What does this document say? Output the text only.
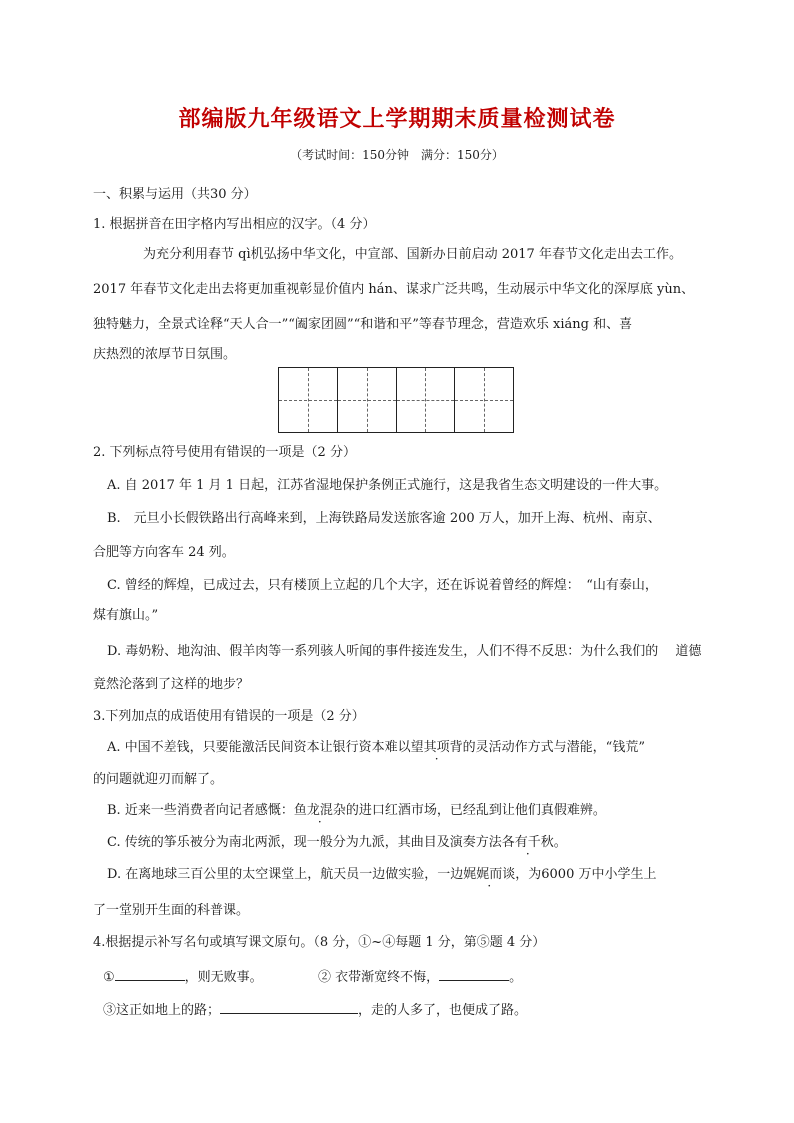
部编版九年级语文上学期期末质量检测试卷
（考试时间：150分钟　满分：150分）
一、积累与运用（共30 分）
1. 根据拼音在田字格内写出相应的汉字。（4 分）
为充分利用春节 qì机弘扬中华文化，中宣部、国新办日前启动 2017 年春节文化走出去工作。
2017 年春节文化走出去将更加重视彰显价值内 hán、谋求广泛共鸣，生动展示中华文化的深厚底 yùn、
独特魅力，全景式诠释“天人合一”“阖家团圆”“和谐和平”等春节理念，营造欢乐 xiáng 和、喜
庆热烈的浓厚节日氛围。
2. 下列标点符号使用有错误的一项是（2 分）
A. 自 2017 年 1 月 1 日起，江苏省湿地保护条例正式施行，这是我省生态文明建设的一件大事。
B.　元旦小长假铁路出行高峰来到，上海铁路局发送旅客逾 200 万人，加开上海、杭州、南京、
合肥等方向客车 24 列。
C. 曾经的辉煌，已成过去，只有楼顶上立起的几个大字，还在诉说着曾经的辉煌：　“山有泰山，
煤有旗山。”
D. 毒奶粉、地沟油、假羊肉等一系列骇人听闻的事件接连发生，人们不得不反思：为什么我们的　 道德
竟然沦落到了这样的地步？
3.下列加点的成语使用有错误的一项是（2 分）
A. 中国不差钱，只要能激活民间资本让银行资本难以望其项背的灵活动作方式与潜能，“钱荒”
的问题就迎刃而解了。
B. 近来一些消费者向记者感慨：鱼龙混杂的进口红酒市场，已经乱到让他们真假难辨。
C. 传统的筝乐被分为南北两派，现一般分为九派，其曲目及演奏方法各有千秋。
D. 在离地球三百公里的太空课堂上，航天员一边做实验，一边娓娓而谈，为6000 万中小学生上
了一堂别开生面的科普课。
4.根据提示补写名句或填写课文原句。（8 分，①~④每题 1 分，第⑤题 4 分）
①	，则无败事。	② 衣带渐宽终不悔，	。
③这正如地上的路；	，走的人多了，也便成了路。
